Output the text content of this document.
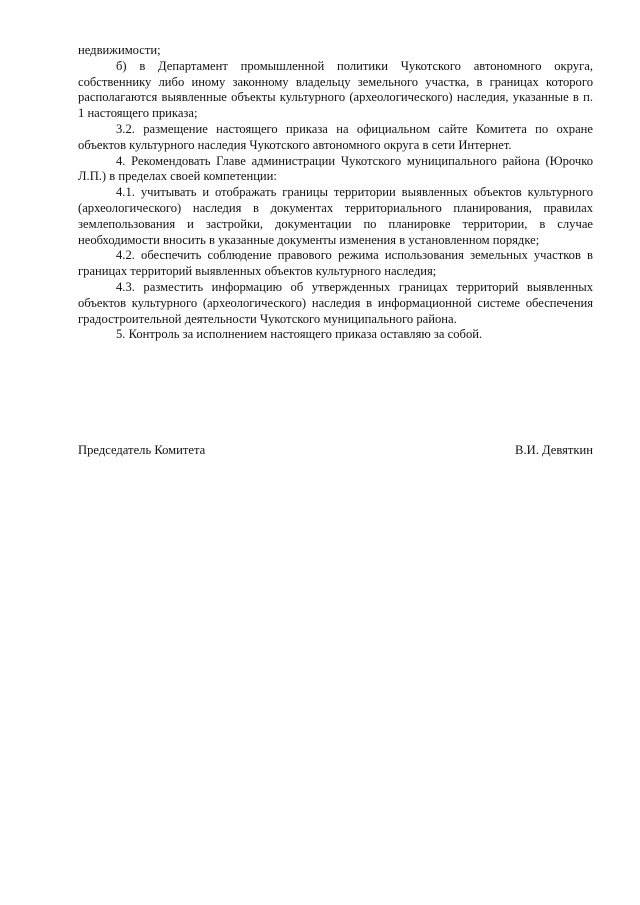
недвижимости;

б) в Департамент промышленной политики Чукотского автономного округа, собственнику либо иному законному владельцу земельного участка, в границах которого располагаются выявленные объекты культурного (археологического) наследия, указанные в п. 1 настоящего приказа;

3.2. размещение настоящего приказа на официальном сайте Комитета по охране объектов культурного наследия Чукотского автономного округа в сети Интернет.

4. Рекомендовать Главе администрации Чукотского муниципального района (Юрочко Л.П.) в пределах своей компетенции:

4.1. учитывать и отображать границы территории выявленных объектов культурного (археологического) наследия в документах территориального планирования, правилах землепользования и застройки, документации по планировке территории, в случае необходимости вносить в указанные документы изменения в установленном порядке;

4.2. обеспечить соблюдение правового режима использования земельных участков в границах территорий выявленных объектов культурного наследия;

4.3. разместить информацию об утвержденных границах территорий выявленных объектов культурного (археологического) наследия в информационной системе обеспечения градостроительной деятельности Чукотского муниципального района.

5. Контроль за исполнением настоящего приказа оставляю за собой.

Председатель Комитета	В.И. Девяткин
